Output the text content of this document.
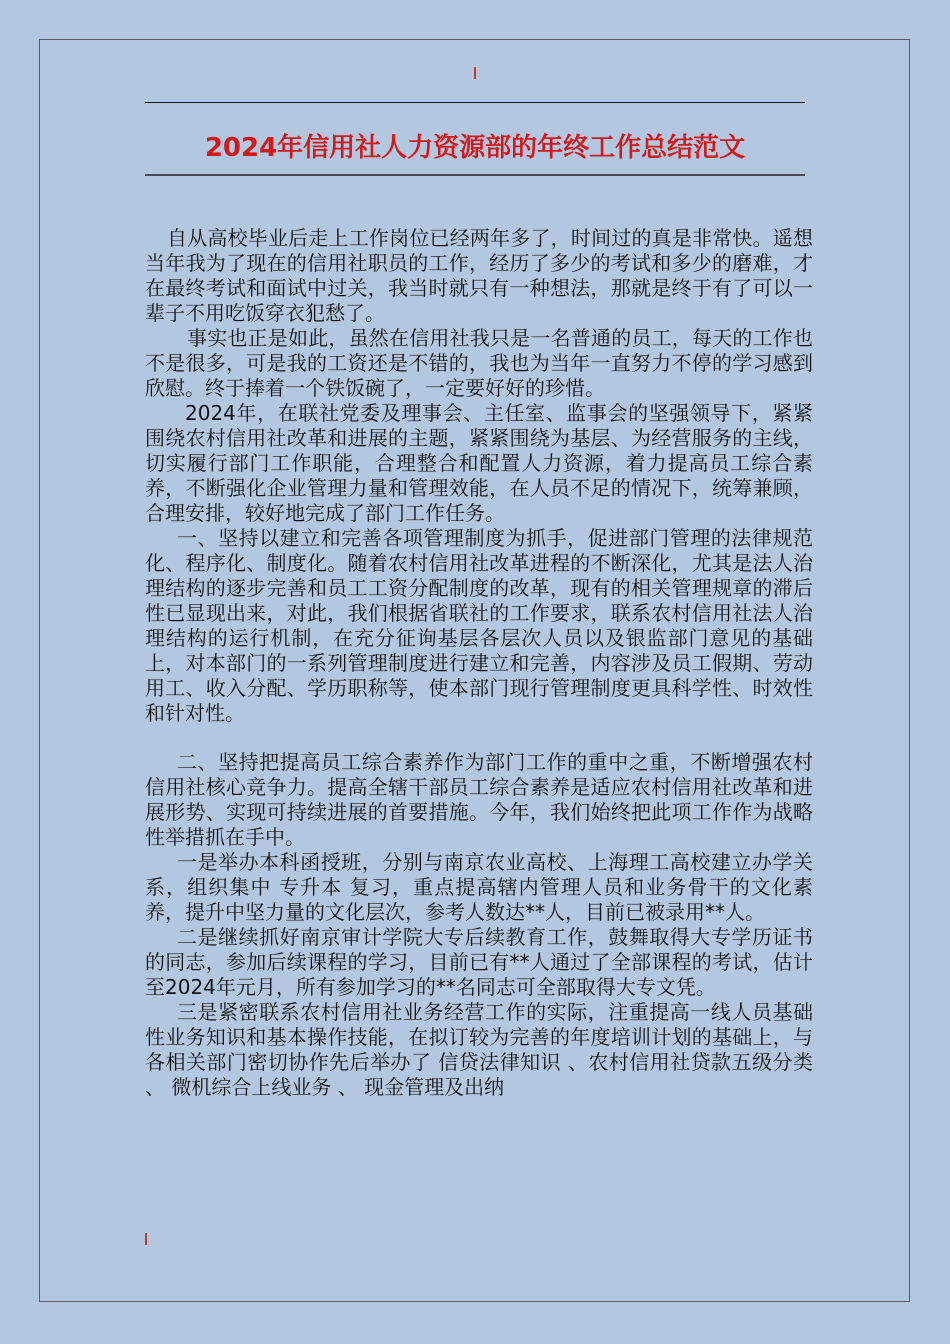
2024年信用社人力资源部的年终工作总结范文

自从高校毕业后走上工作岗位已经两年多了，时间过的真是非常快。遥想当年我为了现在的信用社职员的工作，经历了多少的考试和多少的磨难，才在最终考试和面试中过关，我当时就只有一种想法，那就是终于有了可以一辈子不用吃饭穿衣犯愁了。

事实也正是如此，虽然在信用社我只是一名普通的员工，每天的工作也不是很多，可是我的工资还是不错的，我也为当年一直努力不停的学习感到欣慰。终于捧着一个铁饭碗了，一定要好好的珍惜。

2024年，在联社党委及理事会、主任室、监事会的坚强领导下，紧紧围绕农村信用社改革和进展的主题，紧紧围绕为基层、为经营服务的主线，切实履行部门工作职能，合理整合和配置人力资源，着力提高员工综合素养，不断强化企业管理力量和管理效能，在人员不足的情况下，统筹兼顾，合理安排，较好地完成了部门工作任务。

一、坚持以建立和完善各项管理制度为抓手，促进部门管理的法律规范化、程序化、制度化。随着农村信用社改革进程的不断深化，尤其是法人治理结构的逐步完善和员工工资分配制度的改革，现有的相关管理规章的滞后性已显现出来，对此，我们根据省联社的工作要求，联系农村信用社法人治理结构的运行机制，在充分征询基层各层次人员以及银监部门意见的基础上，对本部门的一系列管理制度进行建立和完善，内容涉及员工假期、劳动用工、收入分配、学历职称等，使本部门现行管理制度更具科学性、时效性和针对性。

二、坚持把提高员工综合素养作为部门工作的重中之重，不断增强农村信用社核心竞争力。提高全辖干部员工综合素养是适应农村信用社改革和进展形势、实现可持续进展的首要措施。今年，我们始终把此项工作作为战略性举措抓在手中。

一是举办本科函授班，分别与南京农业高校、上海理工高校建立办学关系，组织集中 专升本 复习，重点提高辖内管理人员和业务骨干的文化素养，提升中坚力量的文化层次，参考人数达**人，目前已被录用**人。

二是继续抓好南京审计学院大专后续教育工作，鼓舞取得大专学历证书的同志，参加后续课程的学习，目前已有**人通过了全部课程的考试，估计至2024年元月，所有参加学习的**名同志可全部取得大专文凭。

三是紧密联系农村信用社业务经营工作的实际，注重提高一线人员基础性业务知识和基本操作技能，在拟订较为完善的年度培训计划的基础上，与各相关部门密切协作先后举办了 信贷法律知识 、农村信用社贷款五级分类 、 微机综合上线业务 、 现金管理及出纳
